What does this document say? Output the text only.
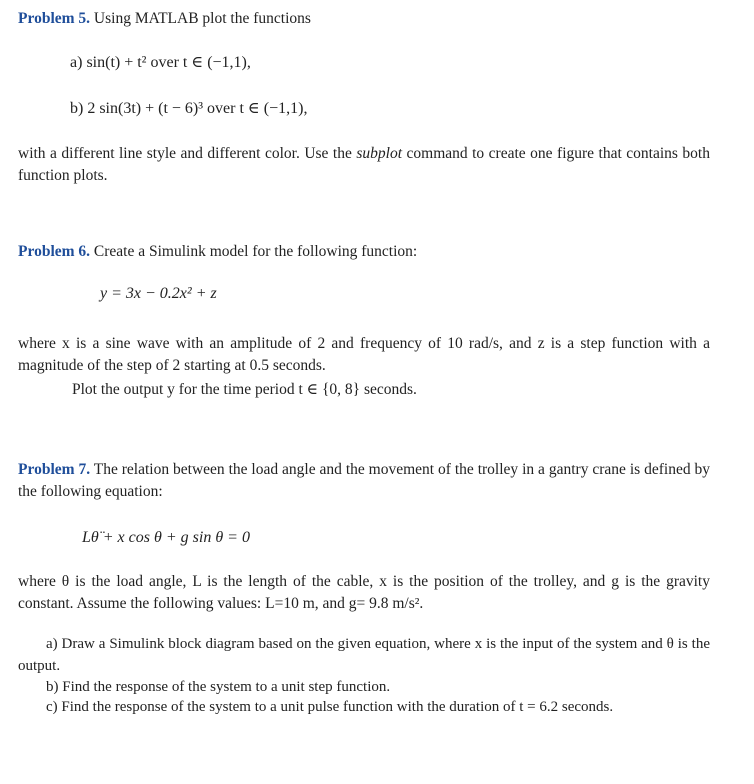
Problem 5. Using MATLAB plot the functions
a) sin(t) + t² over t ∈ (−1,1),
b) 2 sin(3t) + (t − 6)³ over t ∈ (−1,1),
with a different line style and different color. Use the subplot command to create one figure that contains both function plots.
Problem 6. Create a Simulink model for the following function:
y = 3x − 0.2x² + z
where x is a sine wave with an amplitude of 2 and frequency of 10 rad/s, and z is a step function with a magnitude of the step of 2 starting at 0.5 seconds.
Plot the output y for the time period t ∈ {0, 8} seconds.
Problem 7. The relation between the load angle and the movement of the trolley in a gantry crane is defined by the following equation:
Lθ̈ + x cos θ + g sin θ = 0
where θ is the load angle, L is the length of the cable, x is the position of the trolley, and g is the gravity constant. Assume the following values: L=10 m, and g= 9.8 m/s².
a) Draw a Simulink block diagram based on the given equation, where x is the input of the system and θ is the output.
b) Find the response of the system to a unit step function.
c) Find the response of the system to a unit pulse function with the duration of t = 6.2 seconds.
